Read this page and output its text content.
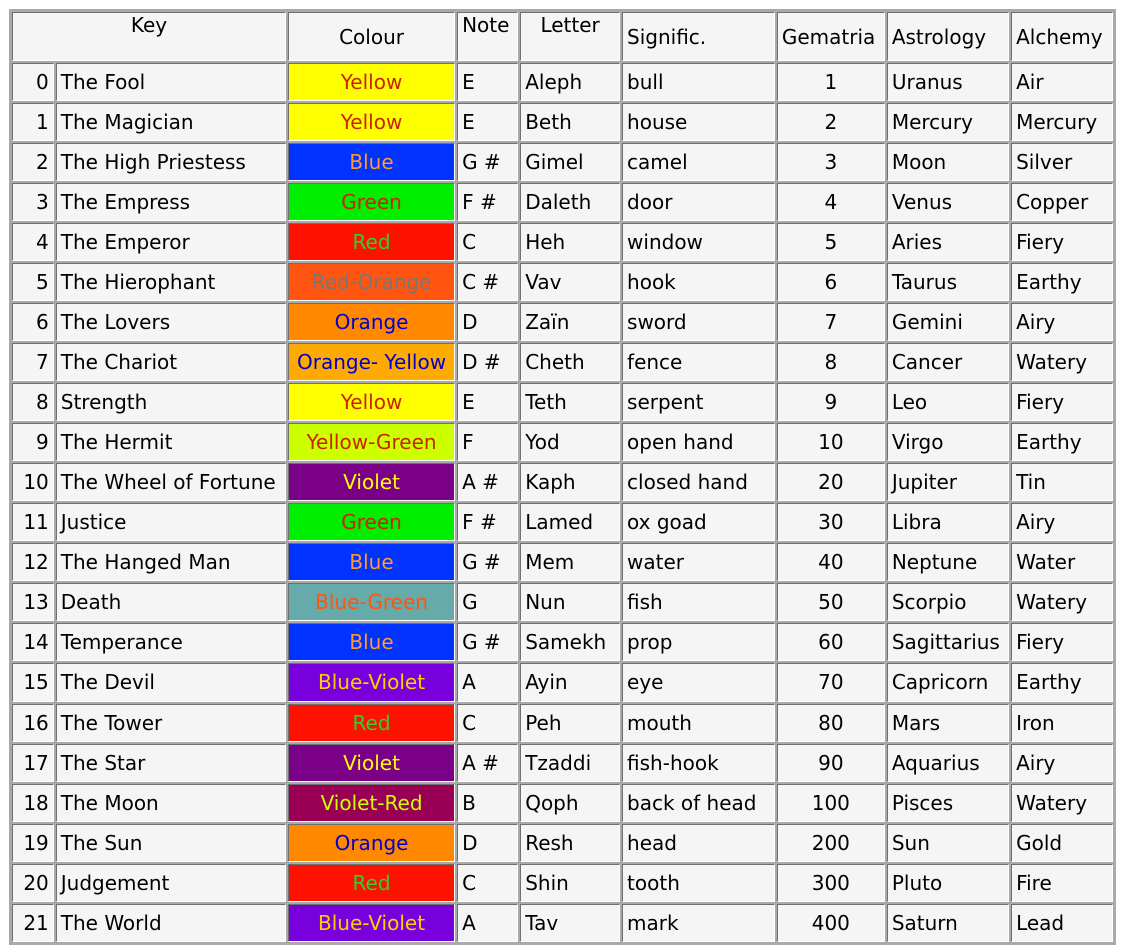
Key		Colour	Note	Letter	Signific.	Gematria	Astrology	Alchemy
0	The Fool	Yellow	E	Aleph	bull	1	Uranus	Air
1	The Magician	Yellow	E	Beth	house	2	Mercury	Mercury
2	The High Priestess	Blue	G #	Gimel	camel	3	Moon	Silver
3	The Empress	Green	F #	Daleth	door	4	Venus	Copper
4	The Emperor	Red	C	Heh	window	5	Aries	Fiery
5	The Hierophant	Red-Orange	C #	Vav	hook	6	Taurus	Earthy
6	The Lovers	Orange	D	Zaïn	sword	7	Gemini	Airy
7	The Chariot	Orange- Yellow	D #	Cheth	fence	8	Cancer	Watery
8	Strength	Yellow	E	Teth	serpent	9	Leo	Fiery
9	The Hermit	Yellow-Green	F	Yod	open hand	10	Virgo	Earthy
10	The Wheel of Fortune	Violet	A #	Kaph	closed hand	20	Jupiter	Tin
11	Justice	Green	F #	Lamed	ox goad	30	Libra	Airy
12	The Hanged Man	Blue	G #	Mem	water	40	Neptune	Water
13	Death	Blue-Green	G	Nun	fish	50	Scorpio	Watery
14	Temperance	Blue	G #	Samekh	prop	60	Sagittarius	Fiery
15	The Devil	Blue-Violet	A	Ayin	eye	70	Capricorn	Earthy
16	The Tower	Red	C	Peh	mouth	80	Mars	Iron
17	The Star	Violet	A #	Tzaddi	fish-hook	90	Aquarius	Airy
18	The Moon	Violet-Red	B	Qoph	back of head	100	Pisces	Watery
19	The Sun	Orange	D	Resh	head	200	Sun	Gold
20	Judgement	Red	C	Shin	tooth	300	Pluto	Fire
21	The World	Blue-Violet	A	Tav	mark	400	Saturn	Lead
